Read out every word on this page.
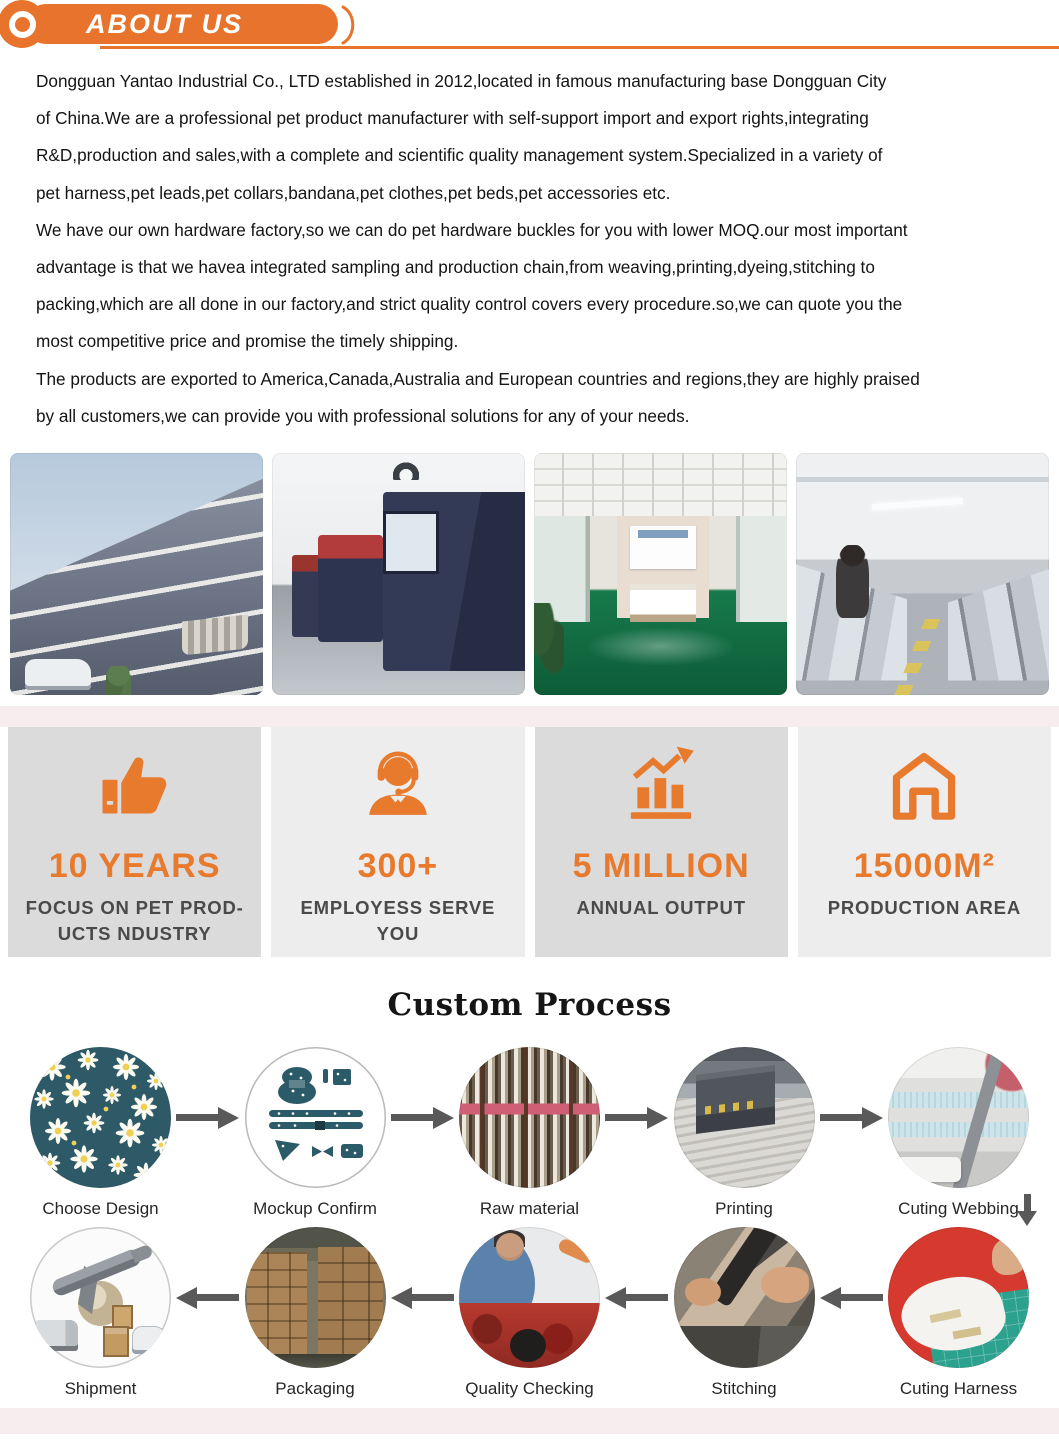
ABOUT US
Dongguan Yantao Industrial Co., LTD established in 2012,located in famous manufacturing base Dongguan City
of China.We are a professional pet product manufacturer with self-support import and export rights,integrating
R&D,production and sales,with a complete and scientific quality management system.Specialized in a variety of
pet harness,pet leads,pet collars,bandana,pet clothes,pet beds,pet accessories etc.
We have our own hardware factory,so we can do pet hardware buckles for you with lower MOQ.our most important
advantage is that we havea integrated sampling and production chain,from weaving,printing,dyeing,stitching to
packing,which are all done in our factory,and strict quality control covers every procedure.so,we can quote you the
most competitive price and promise the timely shipping.
The products are exported to America,Canada,Australia and European countries and regions,they are highly praised
by all customers,we can provide you with professional solutions for any of your needs.
10 YEARS
FOCUS ON PET PROD-UCTS NDUSTRY
300+
EMPLOYESS SERVE YOU
5 MILLION
ANNUAL OUTPUT
15000M²
PRODUCTION AREA
Custom Process
Choose Design	Mockup Confirm	Raw material	Printing	Cuting Webbing
Shipment	Packaging	Quality Checking	Stitching	Cuting Harness
